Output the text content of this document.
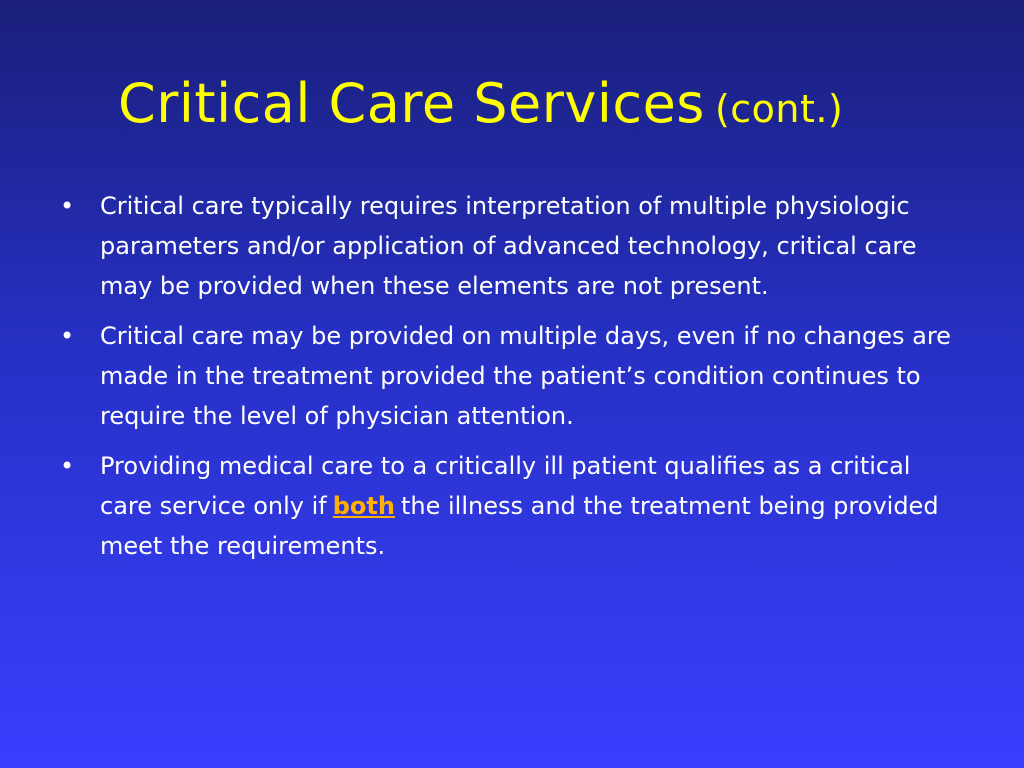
Critical Care Services (cont.)
• Critical care typically requires interpretation of multiple physiologic parameters and/or application of advanced technology, critical care may be provided when these elements are not present.
• Critical care may be provided on multiple days, even if no changes are made in the treatment provided the patient’s condition continues to require the level of physician attention.
• Providing medical care to a critically ill patient qualifies as a critical care service only if both the illness and the treatment being provided meet the requirements.
